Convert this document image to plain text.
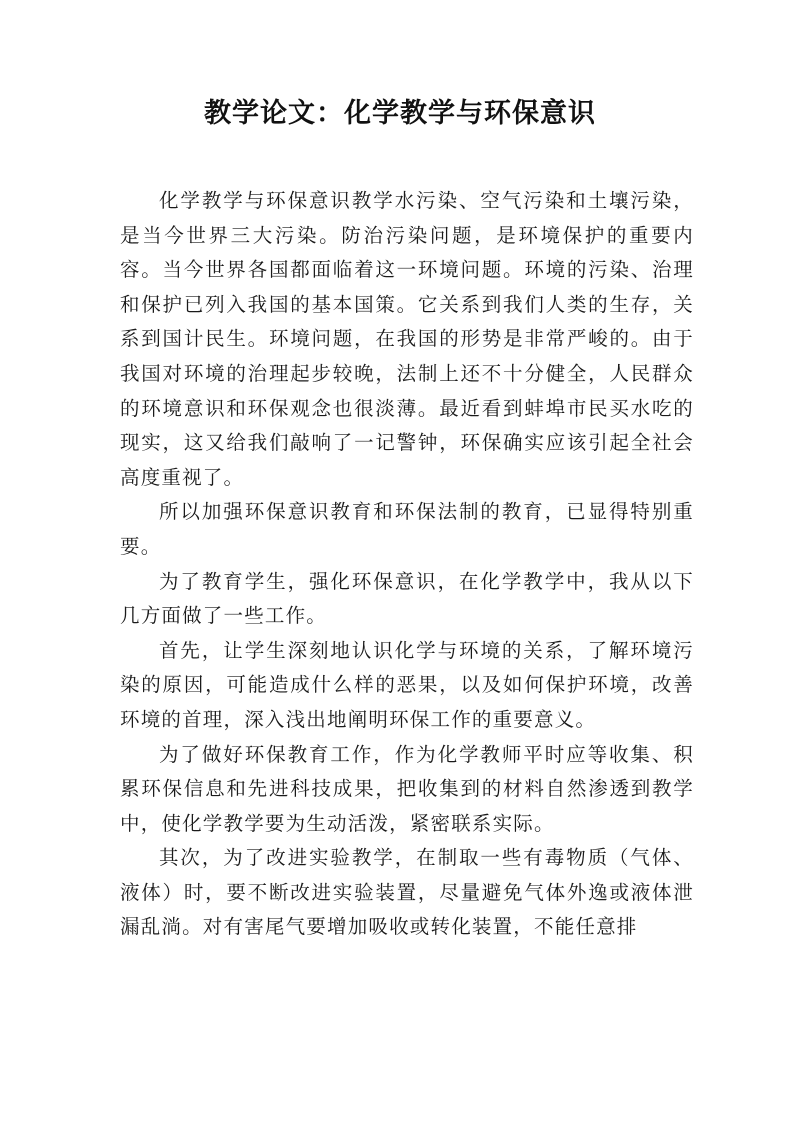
教学论文：化学教学与环保意识

化学教学与环保意识教学水污染、空气污染和土壤污染，是当今世界三大污染。防治污染问题，是环境保护的重要内容。当今世界各国都面临着这一环境问题。环境的污染、治理和保护已列入我国的基本国策。它关系到我们人类的生存，关系到国计民生。环境问题，在我国的形势是非常严峻的。由于我国对环境的治理起步较晚，法制上还不十分健全，人民群众的环境意识和环保观念也很淡薄。最近看到蚌埠市民买水吃的现实，这又给我们敲响了一记警钟，环保确实应该引起全社会高度重视了。

所以加强环保意识教育和环保法制的教育，已显得特别重要。

为了教育学生，强化环保意识，在化学教学中，我从以下几方面做了一些工作。

首先，让学生深刻地认识化学与环境的关系，了解环境污染的原因，可能造成什么样的恶果，以及如何保护环境，改善环境的首理，深入浅出地阐明环保工作的重要意义。

为了做好环保教育工作，作为化学教师平时应等收集、积累环保信息和先进科技成果，把收集到的材料自然渗透到教学中，使化学教学要为生动活泼，紧密联系实际。

其次，为了改进实验教学，在制取一些有毒物质（气体、液体）时，要不断改进实验装置，尽量避免气体外逸或液体泄漏乱淌。对有害尾气要增加吸收或转化装置，不能任意排
